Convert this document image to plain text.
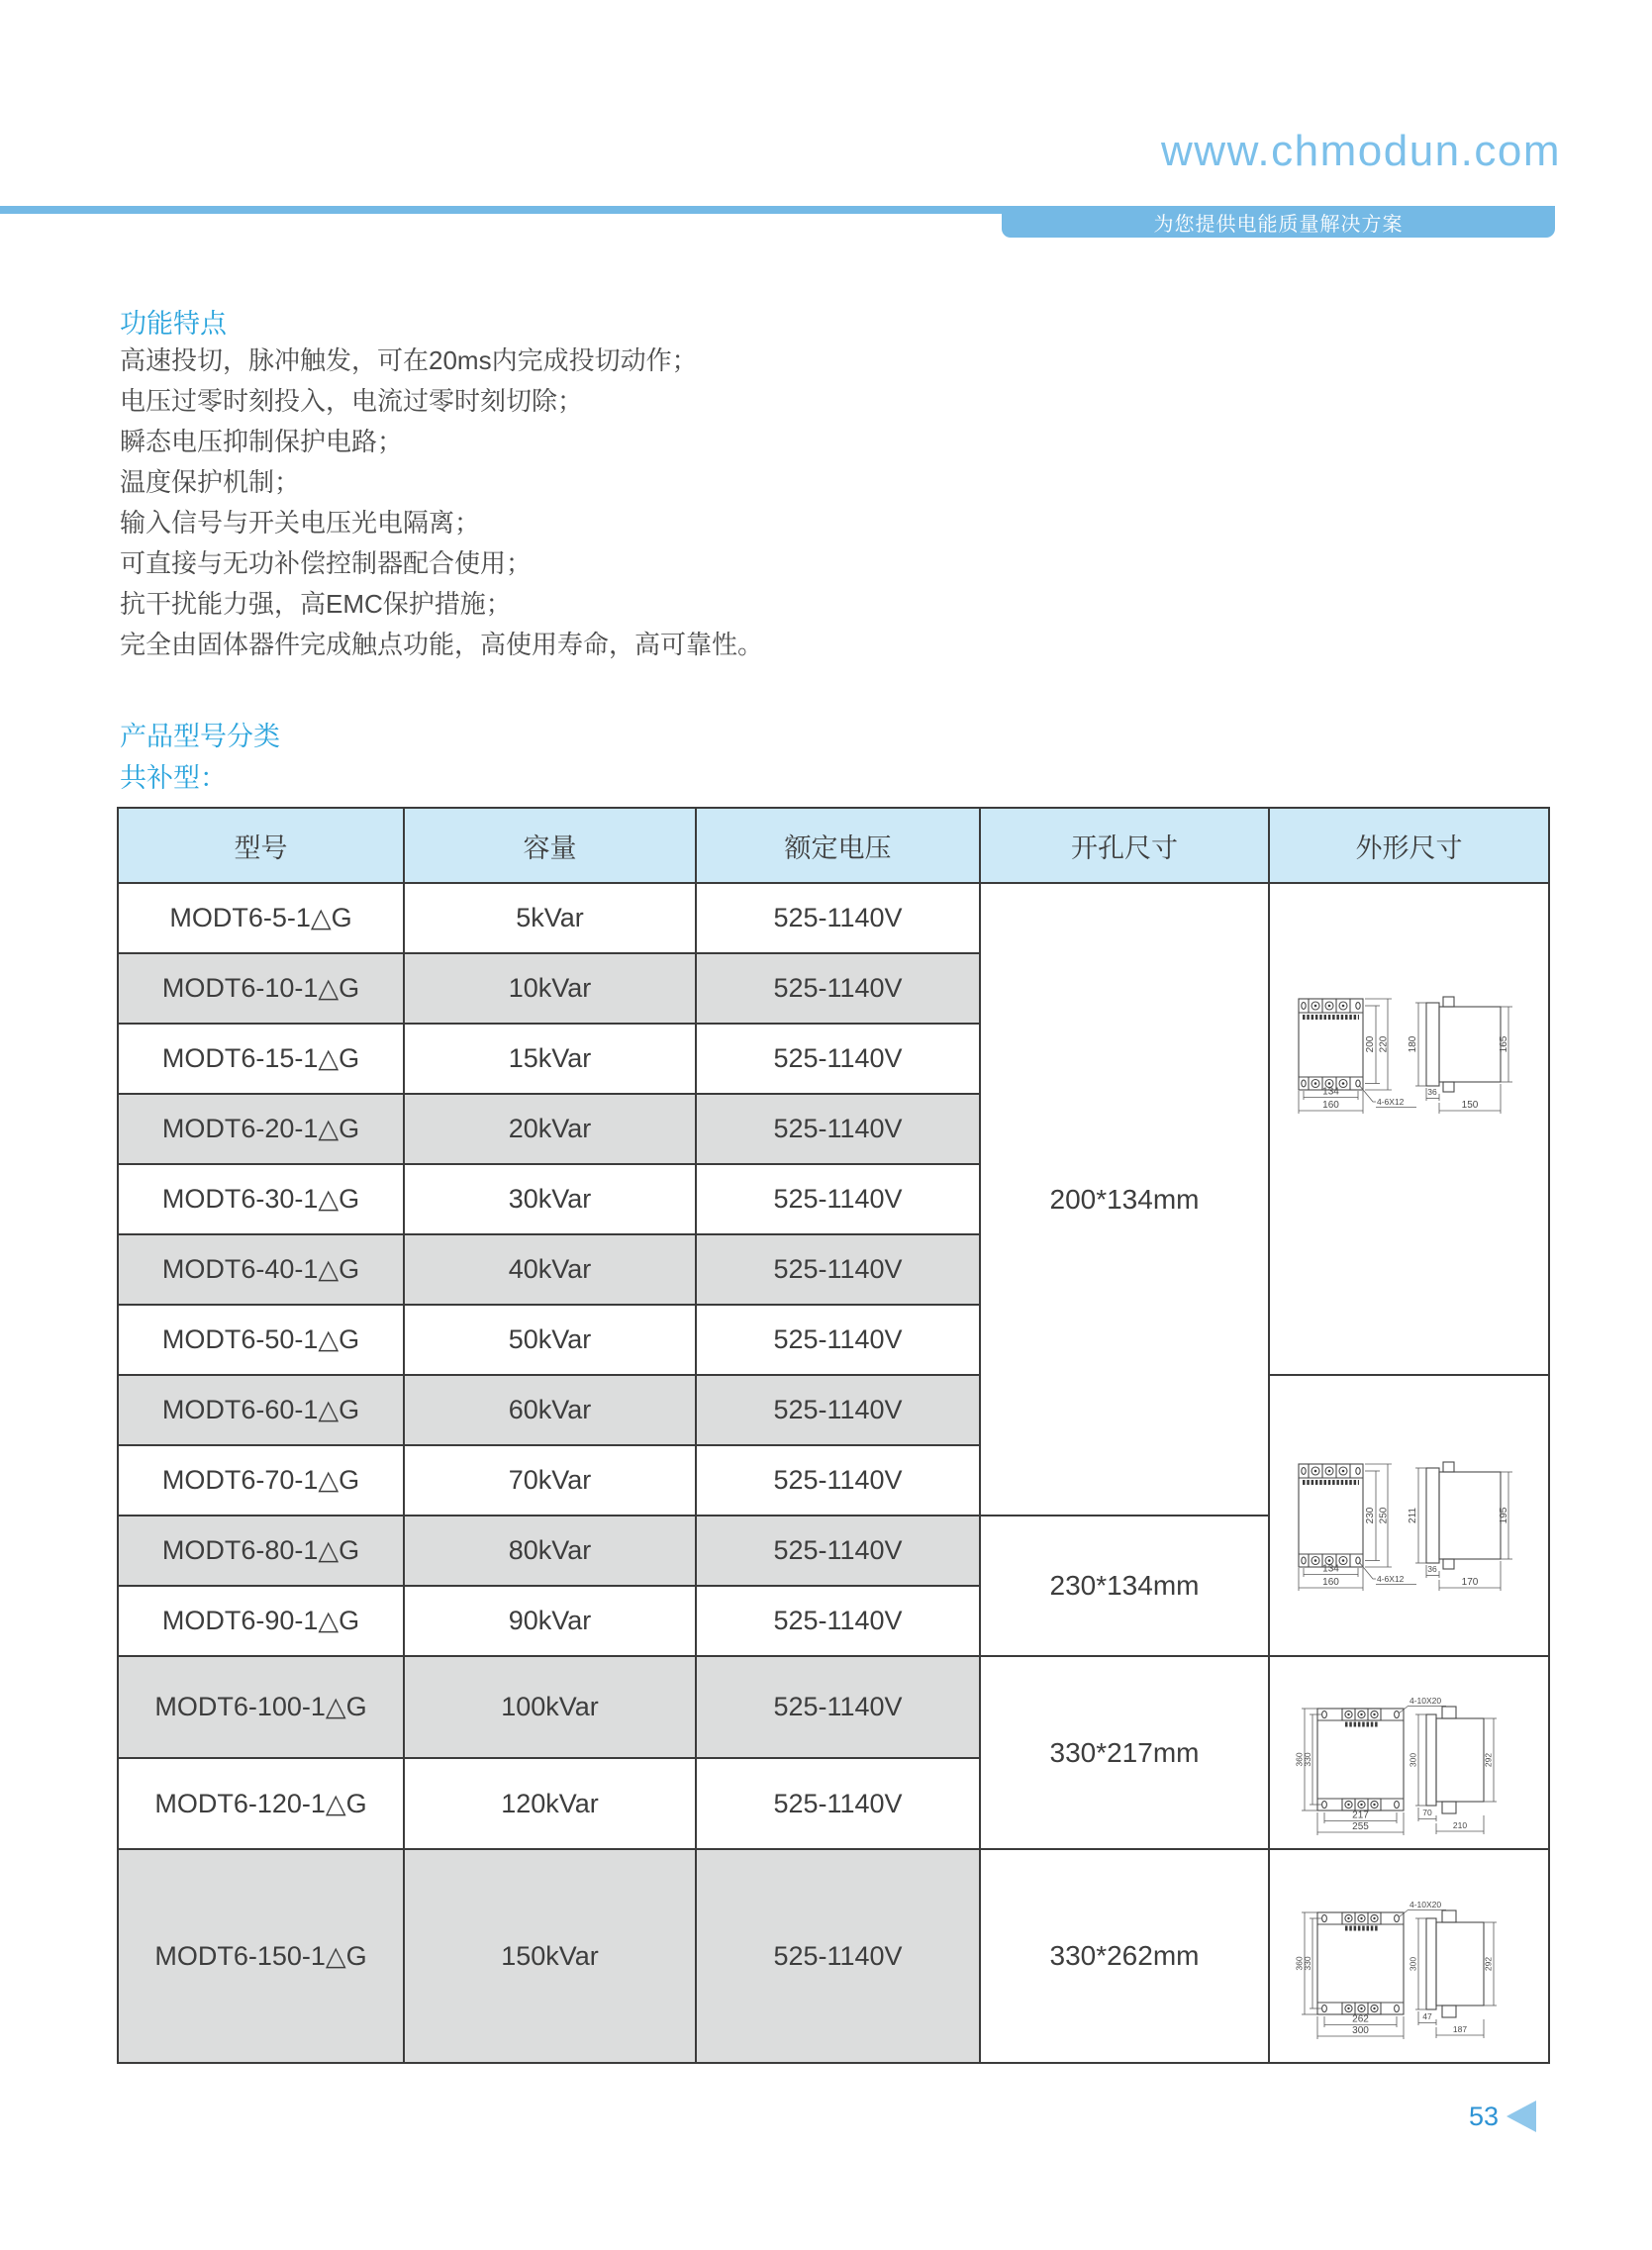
www.chmodun.com
为您提供电能质量解决方案
功能特点
高速投切，脉冲触发，可在20ms内完成投切动作；
电压过零时刻投入，电流过零时刻切除；
瞬态电压抑制保护电路；
温度保护机制；
输入信号与开关电压光电隔离；
可直接与无功补偿控制器配合使用；
抗干扰能力强，高EMC保护措施；
完全由固体器件完成触点功能，高使用寿命，高可靠性。
产品型号分类
共补型：
型号	容量	额定电压	开孔尺寸	外形尺寸
MODT6-5-1△G	5kVar	525-1140V	200*134mm	
200 220
134
160	4-6X12
180	165
36
150

MODT6-10-1△G	10kVar	525-1140V		
MODT6-15-1△G	15kVar	525-1140V		
MODT6-20-1△G	20kVar	525-1140V		
MODT6-30-1△G	30kVar	525-1140V		
MODT6-40-1△G	40kVar	525-1140V		
MODT6-50-1△G	50kVar	525-1140V		
MODT6-60-1△G	60kVar	525-1140V	
230 250
134
160	4-6X12
211	195
36
170

MODT6-70-1△G	70kVar	525-1140V		
MODT6-80-1△G	80kVar	525-1140V	230*134mm	
MODT6-90-1△G	90kVar	525-1140V		
MODT6-100-1△G	100kVar	525-1140V	330*217mm	
4-10X20
360
330
217
255
300	292
70
210

MODT6-120-1△G	120kVar	525-1140V		
MODT6-150-1△G	150kVar	525-1140V	330*262mm	
4-10X20
360
330
262
300
300	292
47
187
53
